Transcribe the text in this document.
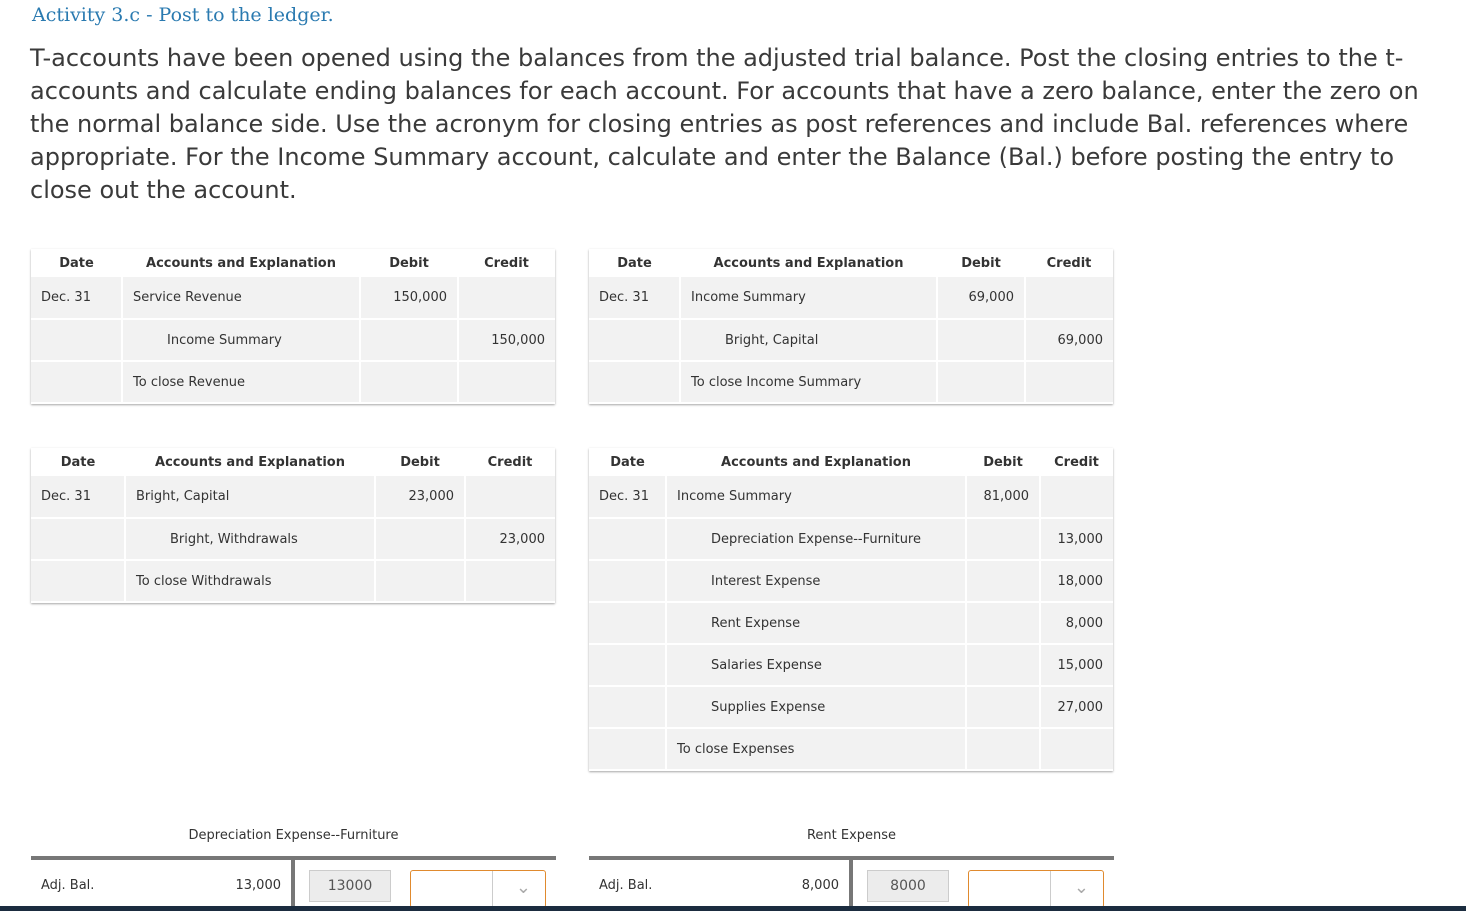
Activity 3.c - Post to the ledger.
T-accounts have been opened using the balances from the adjusted trial balance. Post the closing entries to the t-accounts and calculate ending balances for each account. For accounts that have a zero balance, enter the zero on the normal balance side. Use the acronym for closing entries as post references and include Bal. references where appropriate. For the Income Summary account, calculate and enter the Balance (Bal.) before posting the entry to close out the account.
Date	Accounts and Explanation	Debit	Credit
Dec. 31	Service Revenue	150,000	
	Income Summary		150,000
	To close Revenue		
Date	Accounts and Explanation	Debit	Credit
Dec. 31	Income Summary	69,000	
	Bright, Capital		69,000
	To close Income Summary		
Date	Accounts and Explanation	Debit	Credit
Dec. 31	Bright, Capital	23,000	
	Bright, Withdrawals		23,000
	To close Withdrawals		
Date	Accounts and Explanation	Debit	Credit
Dec. 31	Income Summary	81,000	
	Depreciation Expense--Furniture		13,000
	Interest Expense		18,000
	Rent Expense		8,000
	Salaries Expense		15,000
	Supplies Expense		27,000
	To close Expenses		
Depreciation Expense--Furniture
Adj. Bal.	13,000	13000	⌄
Rent Expense
Adj. Bal.	8,000	8000	⌄
